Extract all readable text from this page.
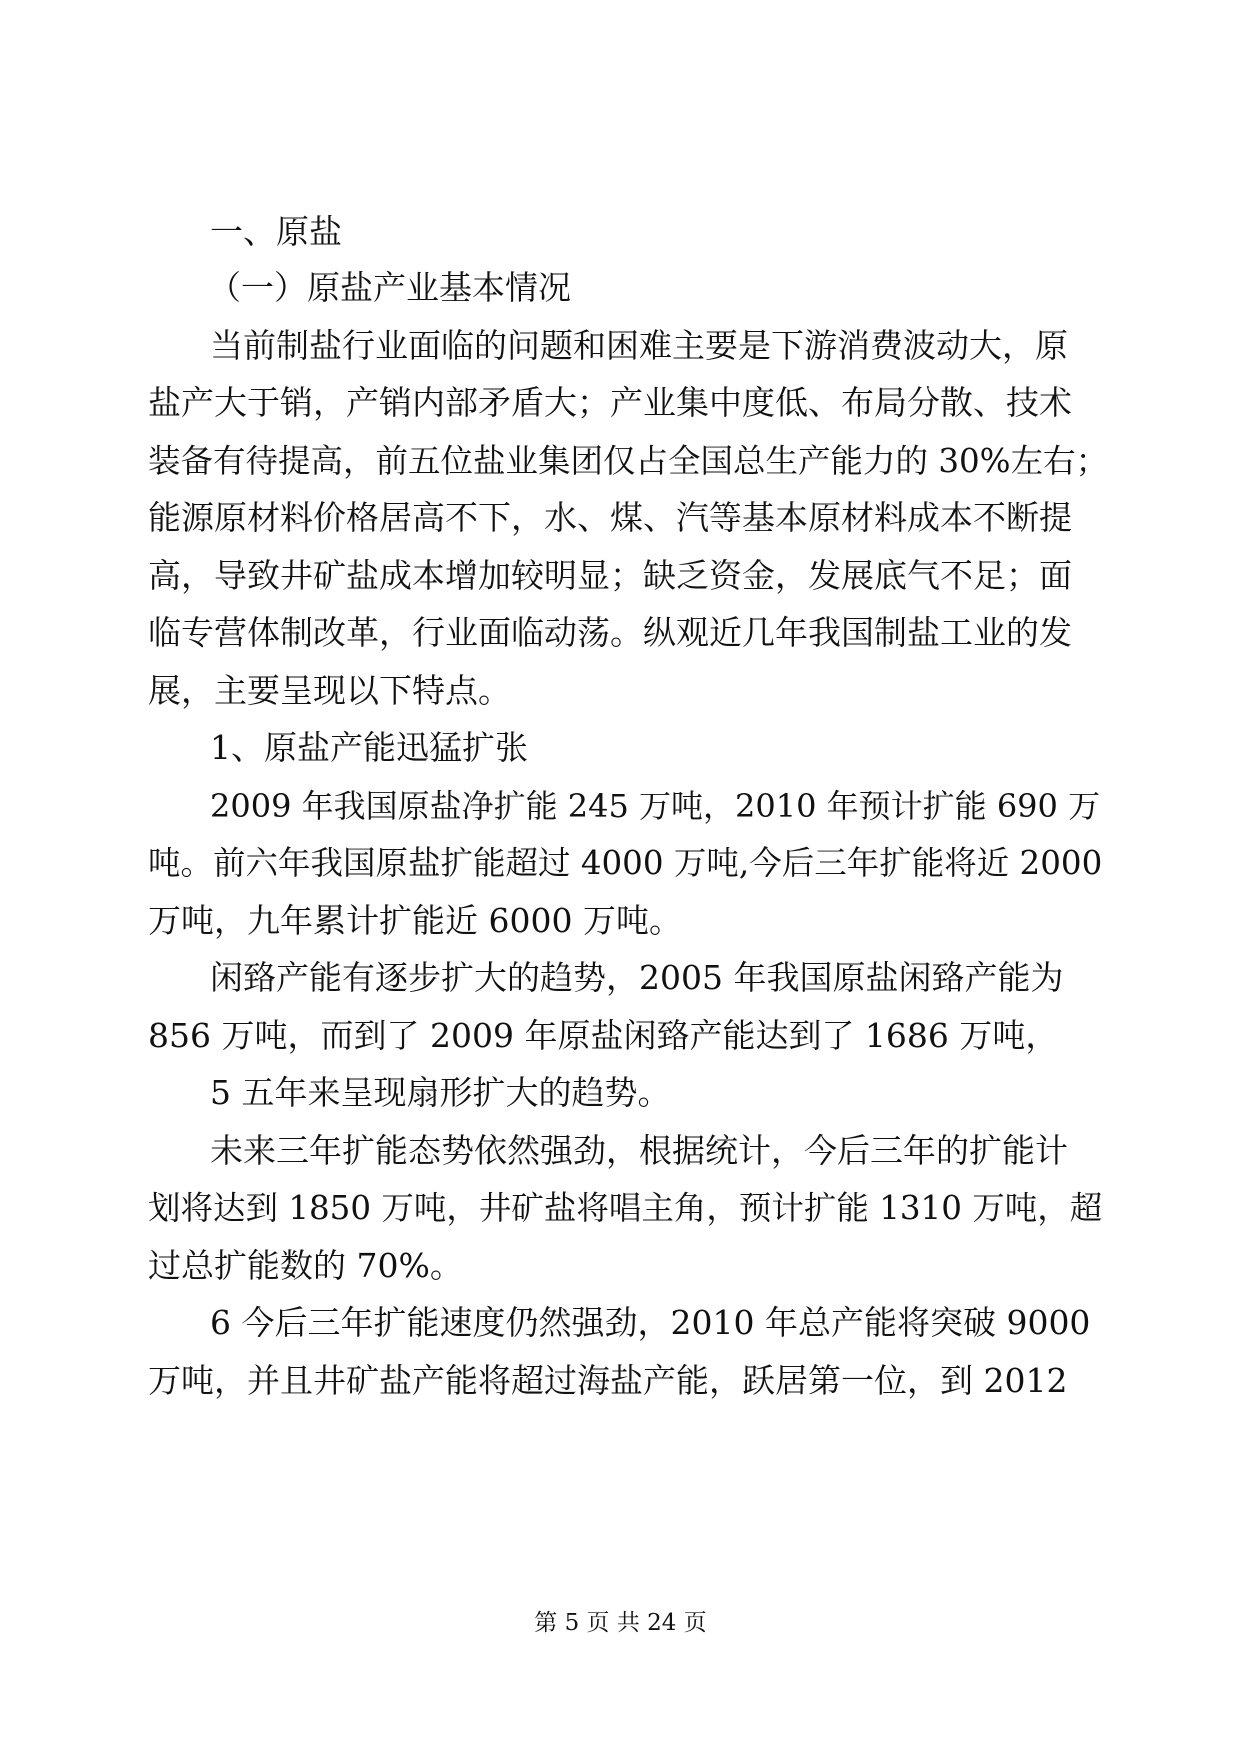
一、原盐
（一）原盐产业基本情况
当前制盐行业面临的问题和困难主要是下游消费波动大，原
盐产大于销，产销内部矛盾大；产业集中度低、布局分散、技术
装备有待提高，前五位盐业集团仅占全国总生产能力的 30%左右；
能源原材料价格居高不下，水、煤、汽等基本原材料成本不断提
高，导致井矿盐成本增加较明显；缺乏资金，发展底气不足；面
临专营体制改革，行业面临动荡。纵观近几年我国制盐工业的发
展，主要呈现以下特点。
1、原盐产能迅猛扩张
2009 年我国原盐净扩能 245 万吨，2010 年预计扩能 690 万
吨。前六年我国原盐扩能超过 4000 万吨,今后三年扩能将近 2000
万吨，九年累计扩能近 6000 万吨。
闲臵产能有逐步扩大的趋势，2005 年我国原盐闲臵产能为
856 万吨，而到了 2009 年原盐闲臵产能达到了 1686 万吨，
5 五年来呈现扇形扩大的趋势。
未来三年扩能态势依然强劲，根据统计，今后三年的扩能计
划将达到 1850 万吨，井矿盐将唱主角，预计扩能 1310 万吨，超
过总扩能数的 70%。
6 今后三年扩能速度仍然强劲，2010 年总产能将突破 9000
万吨，并且井矿盐产能将超过海盐产能，跃居第一位，到 2012
第 5 页 共 24 页
